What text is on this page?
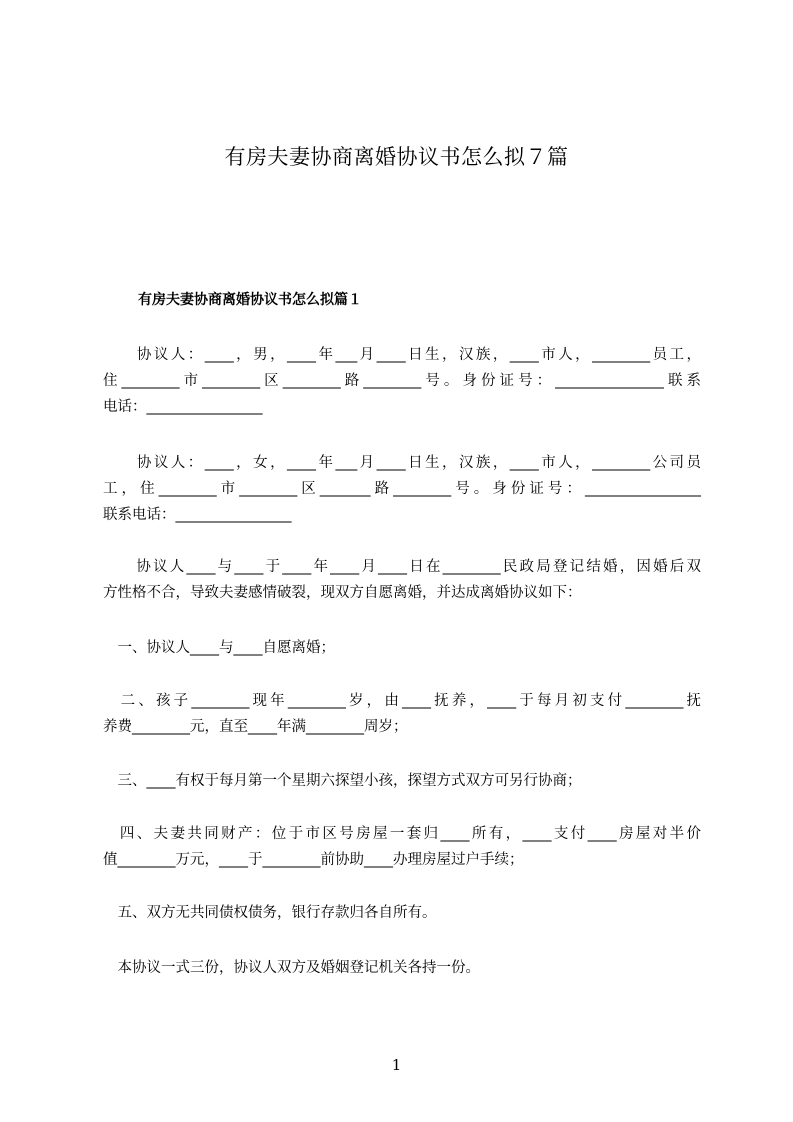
有房夫妻协商离婚协议书怎么拟７篇
有房夫妻协商离婚协议书怎么拟篇１
　　协议人：____，男，____年___月____日生，汉族，____市人，________员工，
住________市________区________路________号。身份证号：_______________联系
电话：________________
　　协议人：____，女，____年___月____日生，汉族，____市人，________公司员
工，住________市________区_______路________号。身份证号：________________
联系电话：________________
　　协议人____与____于____年____月____日在________民政局登记结婚，因婚后双
方性格不合，导致夫妻感情破裂，现双方自愿离婚，并达成离婚协议如下：
　一、协议人____与____自愿离婚；
　二、孩子________现年________岁，由____抚养，____于每月初支付________抚
养费________元，直至____年满________周岁；
　三、____有权于每月第一个星期六探望小孩，探望方式双方可另行协商；
　四、夫妻共同财产：位于市区号房屋一套归____所有，____支付____房屋对半价
值________万元，____于________前协助____办理房屋过户手续；
　五、双方无共同债权债务，银行存款归各自所有。
　本协议一式三份，协议人双方及婚姻登记机关各持一份。
1
